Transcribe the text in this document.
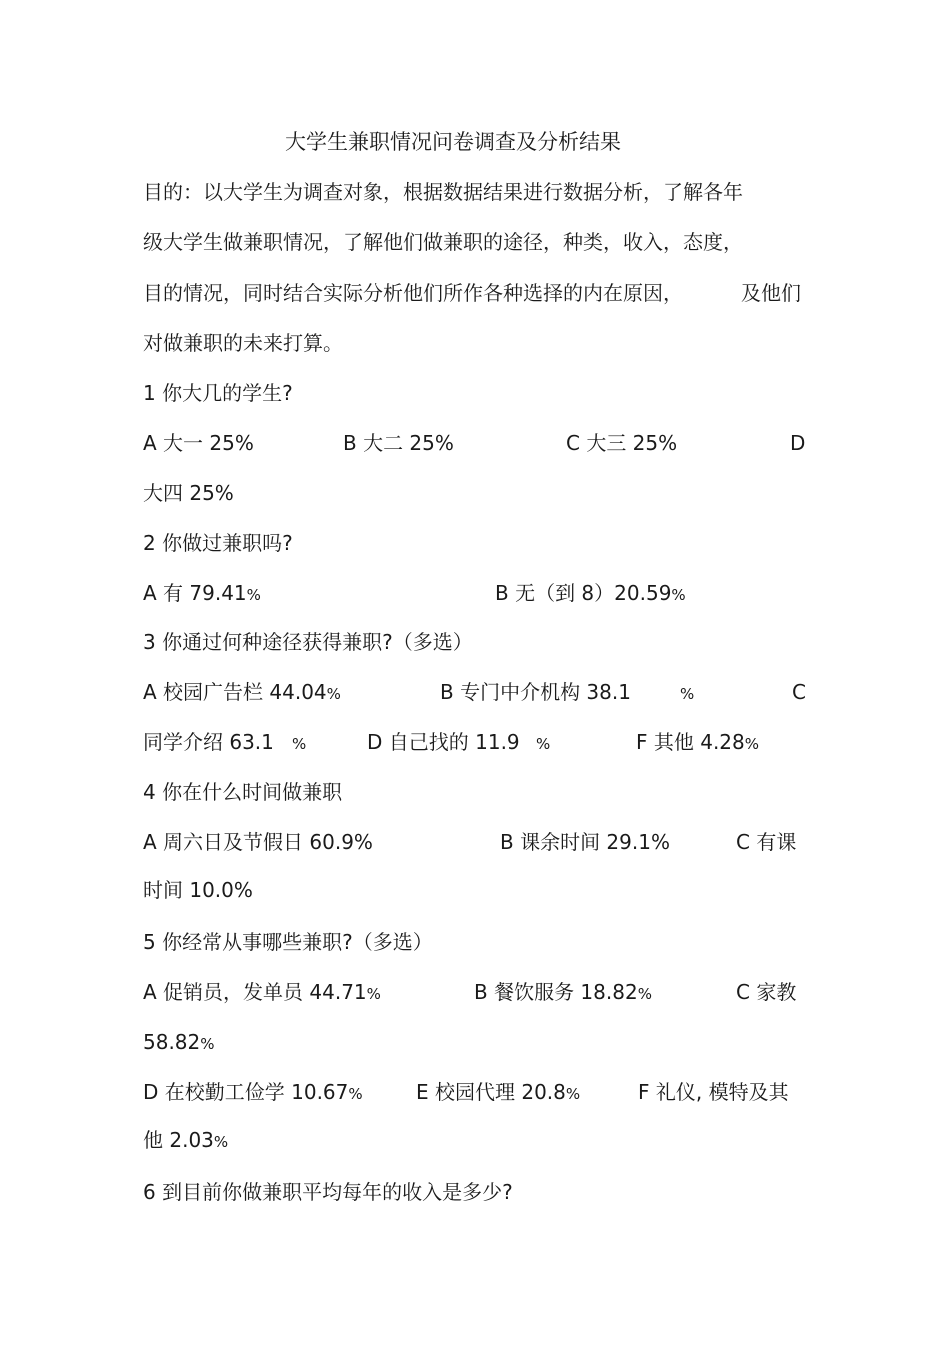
大学生兼职情况问卷调查及分析结果
目的：以大学生为调查对象，根据数据结果进行数据分析，了解各年
级大学生做兼职情况，了解他们做兼职的途径，种类，收入，态度，
目的情况，同时结合实际分析他们所作各种选择的内在原因，	及他们
对做兼职的未来打算。
1 你大几的学生?
A 大一 25%	B 大二 25%	C 大三 25%	D
大四 25%
2 你做过兼职吗?
A 有 79.41%	B 无（到 8）20.59%
3 你通过何种途径获得兼职?（多选）
A 校园广告栏 44.04%	B 专门中介机构 38.1	%	C
同学介绍 63.1 %	D 自己找的 11.9 %	F 其他 4.28%
4 你在什么时间做兼职
A 周六日及节假日 60.9%	B 课余时间 29.1%	C 有课
时间 10.0%
5 你经常从事哪些兼职?（多选）
A 促销员，发单员 44.71%	B 餐饮服务 18.82%	C 家教
58.82%
D 在校勤工俭学 10.67%	E 校园代理 20.8%	F 礼仪, 模特及其
他 2.03%
6 到目前你做兼职平均每年的收入是多少?
